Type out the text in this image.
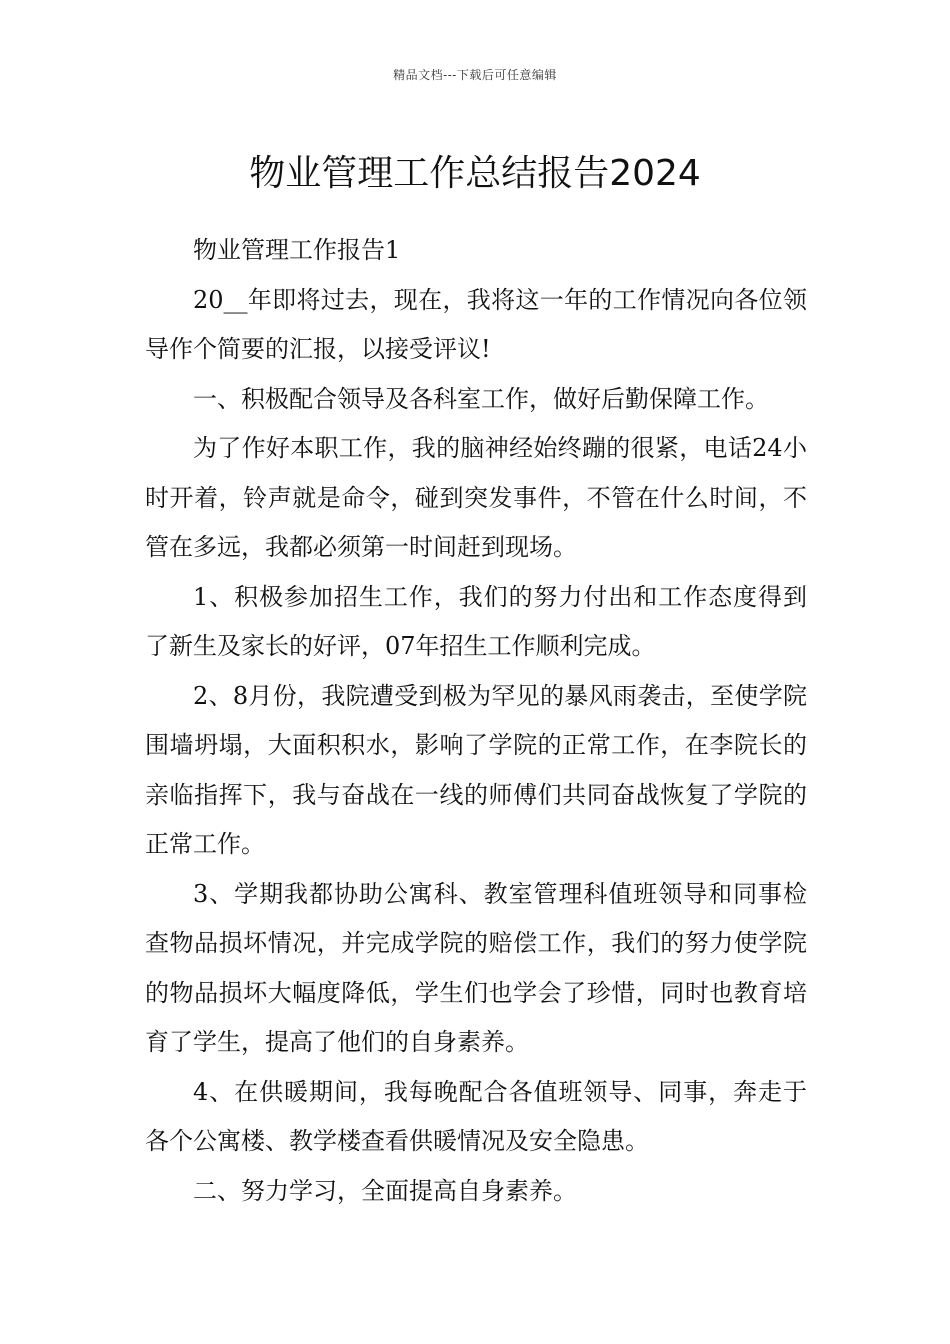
精品文档---下载后可任意编辑
物业管理工作总结报告2024

物业管理工作报告1

20__年即将过去，现在，我将这一年的工作情况向各位领导作个简要的汇报，以接受评议!

一、积极配合领导及各科室工作，做好后勤保障工作。

为了作好本职工作，我的脑神经始终蹦的很紧，电话24小时开着，铃声就是命令，碰到突发事件，不管在什么时间，不管在多远，我都必须第一时间赶到现场。

1、积极参加招生工作，我们的努力付出和工作态度得到了新生及家长的好评，07年招生工作顺利完成。

2、8月份，我院遭受到极为罕见的暴风雨袭击，至使学院围墙坍塌，大面积积水，影响了学院的正常工作，在李院长的亲临指挥下，我与奋战在一线的师傅们共同奋战恢复了学院的正常工作。

3、学期我都协助公寓科、教室管理科值班领导和同事检查物品损坏情况，并完成学院的赔偿工作，我们的努力使学院的物品损坏大幅度降低，学生们也学会了珍惜，同时也教育培育了学生，提高了他们的自身素养。

4、在供暖期间，我每晚配合各值班领导、同事，奔走于各个公寓楼、教学楼查看供暖情况及安全隐患。

二、努力学习，全面提高自身素养。
